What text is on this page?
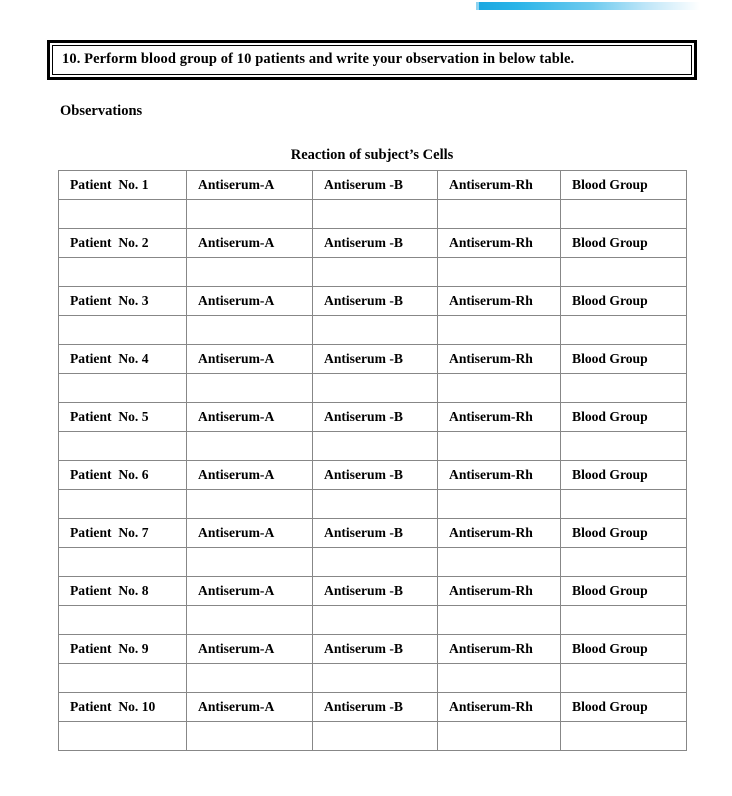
10. Perform blood group of 10 patients and write your observation in below table.
Observations
Reaction of subject’s Cells
Patient  No. 1	Antiserum-A	Antiserum -B	Antiserum-Rh	Blood Group

Patient  No. 2	Antiserum-A	Antiserum -B	Antiserum-Rh	Blood Group

Patient  No. 3	Antiserum-A	Antiserum -B	Antiserum-Rh	Blood Group

Patient  No. 4	Antiserum-A	Antiserum -B	Antiserum-Rh	Blood Group

Patient  No. 5	Antiserum-A	Antiserum -B	Antiserum-Rh	Blood Group

Patient  No. 6	Antiserum-A	Antiserum -B	Antiserum-Rh	Blood Group

Patient  No. 7	Antiserum-A	Antiserum -B	Antiserum-Rh	Blood Group

Patient  No. 8	Antiserum-A	Antiserum -B	Antiserum-Rh	Blood Group

Patient  No. 9	Antiserum-A	Antiserum -B	Antiserum-Rh	Blood Group

Patient  No. 10	Antiserum-A	Antiserum -B	Antiserum-Rh	Blood Group
